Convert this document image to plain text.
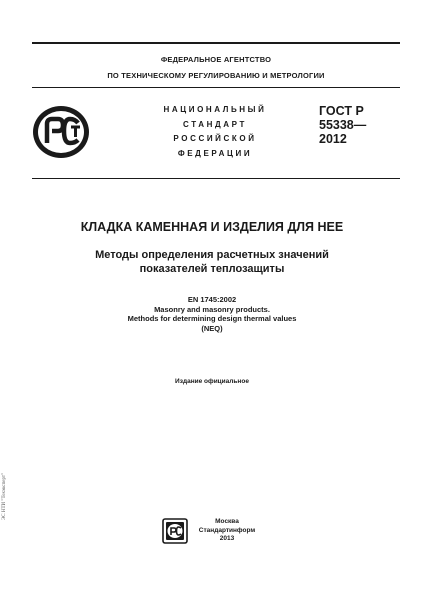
ФЕДЕРАЛЬНОЕ АГЕНТСТВО
ПО ТЕХНИЧЕСКОМУ РЕГУЛИРОВАНИЮ И МЕТРОЛОГИИ
НАЦИОНАЛЬНЫЙ
СТАНДАРТ
РОССИЙСКОЙ
ФЕДЕРАЦИИ
ГОСТ Р
55338—
2012
КЛАДКА КАМЕННАЯ И ИЗДЕЛИЯ ДЛЯ НЕЕ
Методы определения расчетных значений
показателей теплозащиты
EN 1745:2002
Masonry and masonry products.
Methods for determining design thermal values
(NEQ)
Издание официальное
Москва
Стандартинформ
2013
ЭС НТИ "Техэксперт"
